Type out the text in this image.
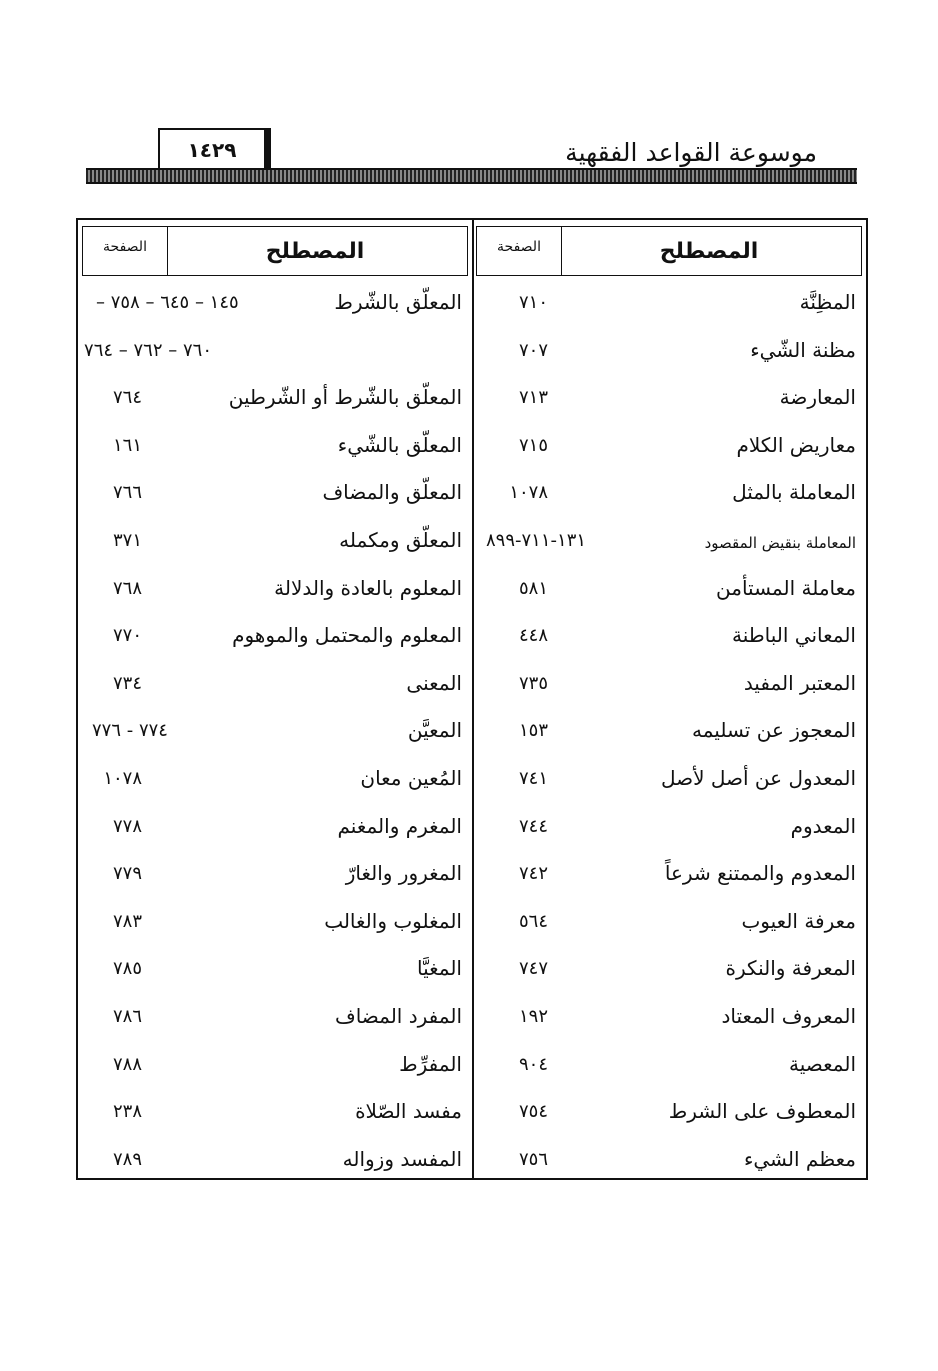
موسوعة القواعد الفقهية
١٤٢٩
المصطلح
الصفحة
المظِنَّة
٧١٠
مظنة الشّيء
٧٠٧
المعارضة
٧١٣
معاريض الكلام
٧١٥
المعاملة بالمثل
١٠٧٨
المعاملة بنقيض المقصود
١٣١-٧١١-٨٩٩
معاملة المستأمن
٥٨١
المعاني الباطنة
٤٤٨
المعتبر المفيد
٧٣٥
المعجوز عن تسليمه
١٥٣
المعدول عن أصل لأصل
٧٤١
المعدوم
٧٤٤
المعدوم والممتنع شرعاً
٧٤٢
معرفة العيوب
٥٦٤
المعرفة والنكرة
٧٤٧
المعروف المعتاد
١٩٢
المعصية
٩٠٤
المعطوف على الشرط
٧٥٤
معظم الشيء
٧٥٦
المصطلح
الصفحة
المعلّق بالشّرط
١٤٥ – ٦٤٥ – ٧٥٨ –
٧٦٠ – ٧٦٢ – ٧٦٤
المعلّق بالشّرط أو الشّرطين
٧٦٤
المعلّق بالشّيء
١٦١
المعلّق والمضاف
٧٦٦
المعلّق ومكمله
٣٧١
المعلوم بالعادة والدلالة
٧٦٨
المعلوم والمحتمل والموهوم
٧٧٠
المعنى
٧٣٤
المعيَّن
٧٧٤ - ٧٧٦
المُعين معان
١٠٧٨
المغرم والمغنم
٧٧٨
المغرور والغارّ
٧٧٩
المغلوب والغالب
٧٨٣
المغيَّا
٧٨٥
المفرد المضاف
٧٨٦
المفرِّط
٧٨٨
مفسد الصّلاة
٢٣٨
المفسد وزواله
٧٨٩
